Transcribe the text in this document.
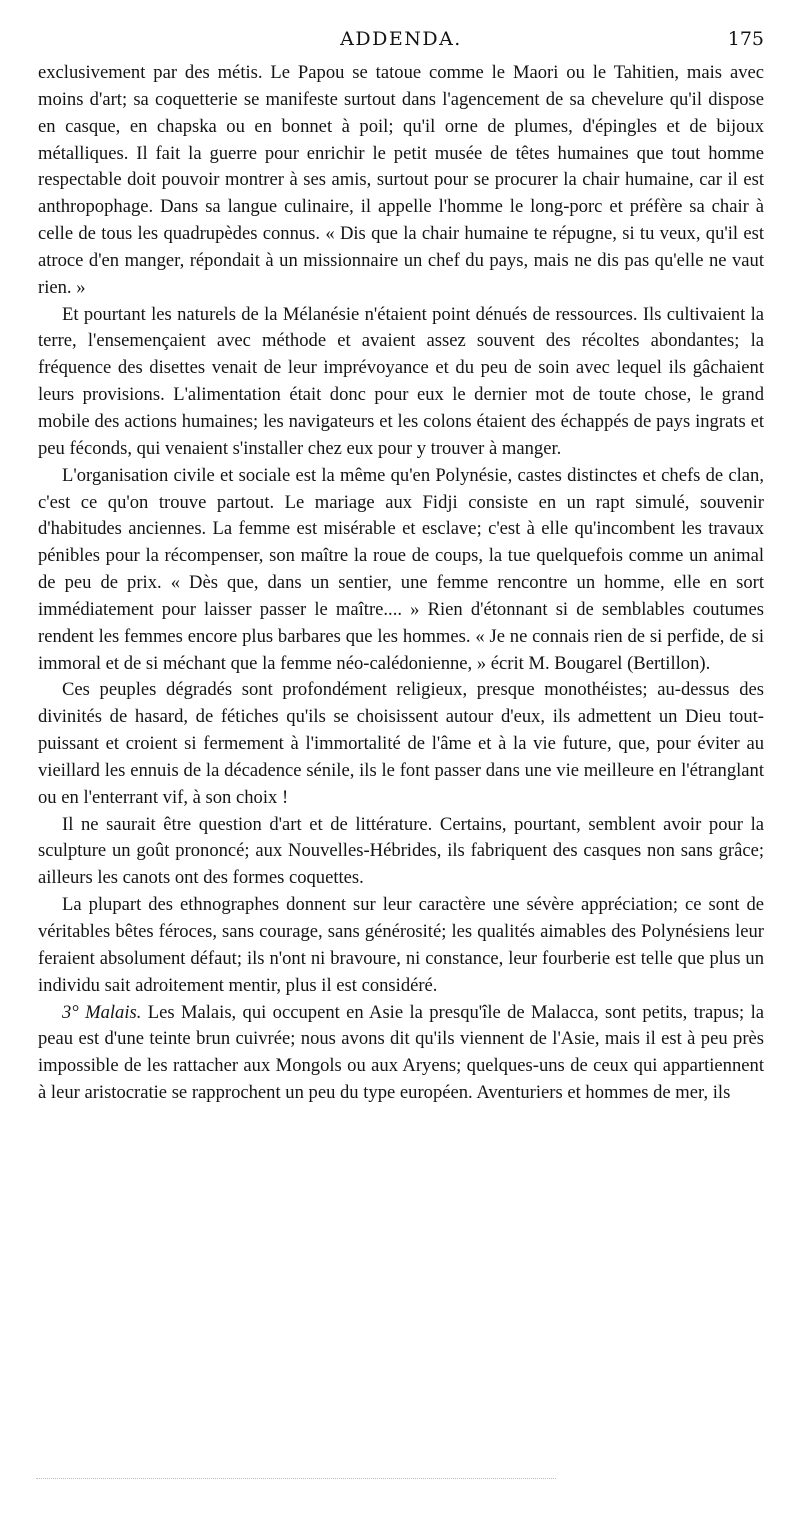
ADDENDA.	175

exclusivement par des métis. Le Papou se tatoue comme le Maori ou le Tahitien, mais avec moins d'art; sa coquetterie se manifeste surtout dans l'agencement de sa chevelure qu'il dispose en casque, en chapska ou en bonnet à poil; qu'il orne de plumes, d'épingles et de bijoux métalliques. Il fait la guerre pour enrichir le petit musée de têtes humaines que tout homme respectable doit pouvoir montrer à ses amis, surtout pour se procurer la chair humaine, car il est anthropophage. Dans sa langue culinaire, il appelle l'homme le long-porc et préfère sa chair à celle de tous les quadrupèdes connus. « Dis que la chair humaine te répugne, si tu veux, qu'il est atroce d'en manger, répondait à un missionnaire un chef du pays, mais ne dis pas qu'elle ne vaut rien. »

Et pourtant les naturels de la Mélanésie n'étaient point dénués de ressources. Ils cultivaient la terre, l'ensemençaient avec méthode et avaient assez souvent des récoltes abondantes; la fréquence des disettes venait de leur imprévoyance et du peu de soin avec lequel ils gâchaient leurs provisions. L'alimentation était donc pour eux le dernier mot de toute chose, le grand mobile des actions humaines; les navigateurs et les colons étaient des échappés de pays ingrats et peu féconds, qui venaient s'installer chez eux pour y trouver à manger.

L'organisation civile et sociale est la même qu'en Polynésie, castes distinctes et chefs de clan, c'est ce qu'on trouve partout. Le mariage aux Fidji consiste en un rapt simulé, souvenir d'habitudes anciennes. La femme est misérable et esclave; c'est à elle qu'incombent les travaux pénibles pour la récompenser, son maître la roue de coups, la tue quelquefois comme un animal de peu de prix. « Dès que, dans un sentier, une femme rencontre un homme, elle en sort immédiatement pour laisser passer le maître.... » Rien d'étonnant si de semblables coutumes rendent les femmes encore plus barbares que les hommes. « Je ne connais rien de si perfide, de si immoral et de si méchant que la femme néo-calédonienne, » écrit M. Bougarel (Bertillon).

Ces peuples dégradés sont profondément religieux, presque monothéistes; au-dessus des divinités de hasard, de fétiches qu'ils se choisissent autour d'eux, ils admettent un Dieu tout-puissant et croient si fermement à l'immortalité de l'âme et à la vie future, que, pour éviter au vieillard les ennuis de la décadence sénile, ils le font passer dans une vie meilleure en l'étranglant ou en l'enterrant vif, à son choix !

Il ne saurait être question d'art et de littérature. Certains, pourtant, semblent avoir pour la sculpture un goût prononcé; aux Nouvelles-Hébrides, ils fabriquent des casques non sans grâce; ailleurs les canots ont des formes coquettes.

La plupart des ethnographes donnent sur leur caractère une sévère appréciation; ce sont de véritables bêtes féroces, sans courage, sans générosité; les qualités aimables des Polynésiens leur feraient absolument défaut; ils n'ont ni bravoure, ni constance, leur fourberie est telle que plus un individu sait adroitement mentir, plus il est considéré.

3° Malais. Les Malais, qui occupent en Asie la presqu'île de Malacca, sont petits, trapus; la peau est d'une teinte brun cuivrée; nous avons dit qu'ils viennent de l'Asie, mais il est à peu près impossible de les rattacher aux Mongols ou aux Aryens; quelques-uns de ceux qui appartiennent à leur aristocratie se rapprochent un peu du type européen. Aventuriers et hommes de mer, ils
